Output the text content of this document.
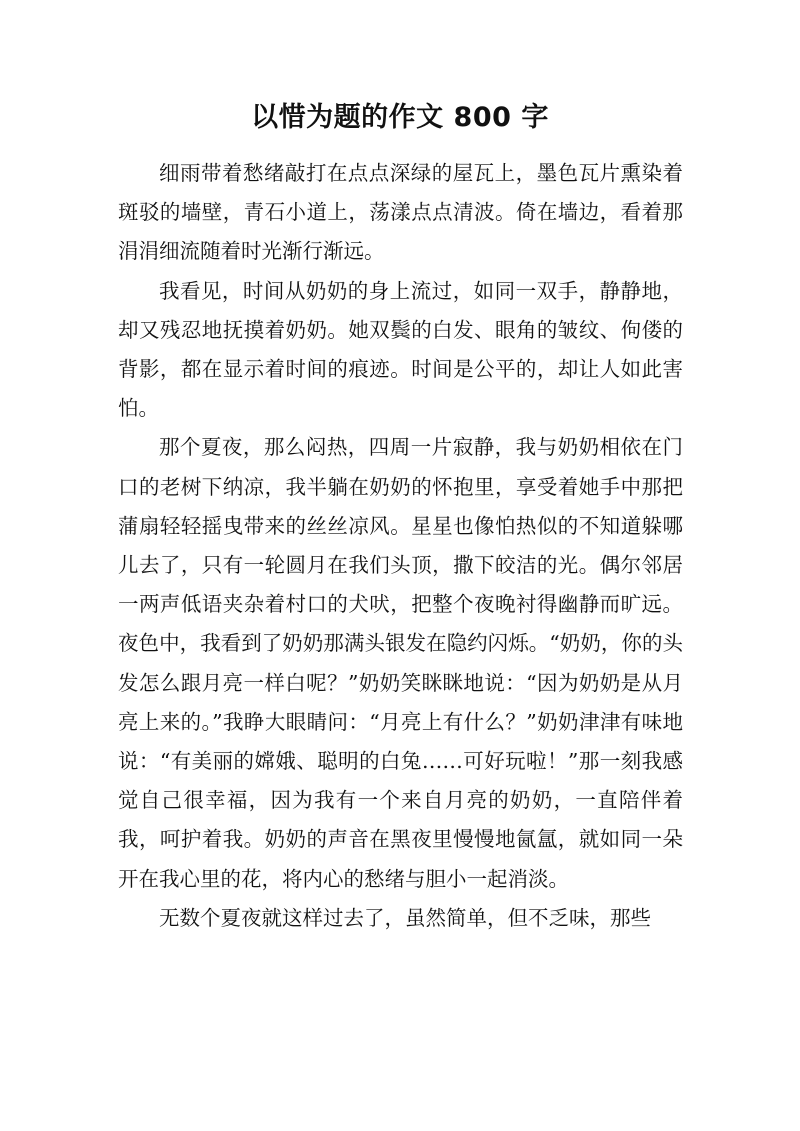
以惜为题的作文 800 字

细雨带着愁绪敲打在点点深绿的屋瓦上，墨色瓦片熏染着斑驳的墙壁，青石小道上，荡漾点点清波。倚在墙边，看着那涓涓细流随着时光渐行渐远。

我看见，时间从奶奶的身上流过，如同一双手，静静地，却又残忍地抚摸着奶奶。她双鬓的白发、眼角的皱纹、佝偻的背影，都在显示着时间的痕迹。时间是公平的，却让人如此害怕。

那个夏夜，那么闷热，四周一片寂静，我与奶奶相依在门口的老树下纳凉，我半躺在奶奶的怀抱里，享受着她手中那把蒲扇轻轻摇曳带来的丝丝凉风。星星也像怕热似的不知道躲哪儿去了，只有一轮圆月在我们头顶，撒下皎洁的光。偶尔邻居一两声低语夹杂着村口的犬吠，把整个夜晚衬得幽静而旷远。夜色中，我看到了奶奶那满头银发在隐约闪烁。“奶奶，你的头发怎么跟月亮一样白呢？”奶奶笑眯眯地说：“因为奶奶是从月亮上来的。”我睁大眼睛问：“月亮上有什么？”奶奶津津有味地说：“有美丽的嫦娥、聪明的白兔……可好玩啦！”那一刻我感觉自己很幸福，因为我有一个来自月亮的奶奶，一直陪伴着我，呵护着我。奶奶的声音在黑夜里慢慢地氤氲，就如同一朵开在我心里的花，将内心的愁绪与胆小一起消淡。

无数个夏夜就这样过去了，虽然简单，但不乏味，那些
